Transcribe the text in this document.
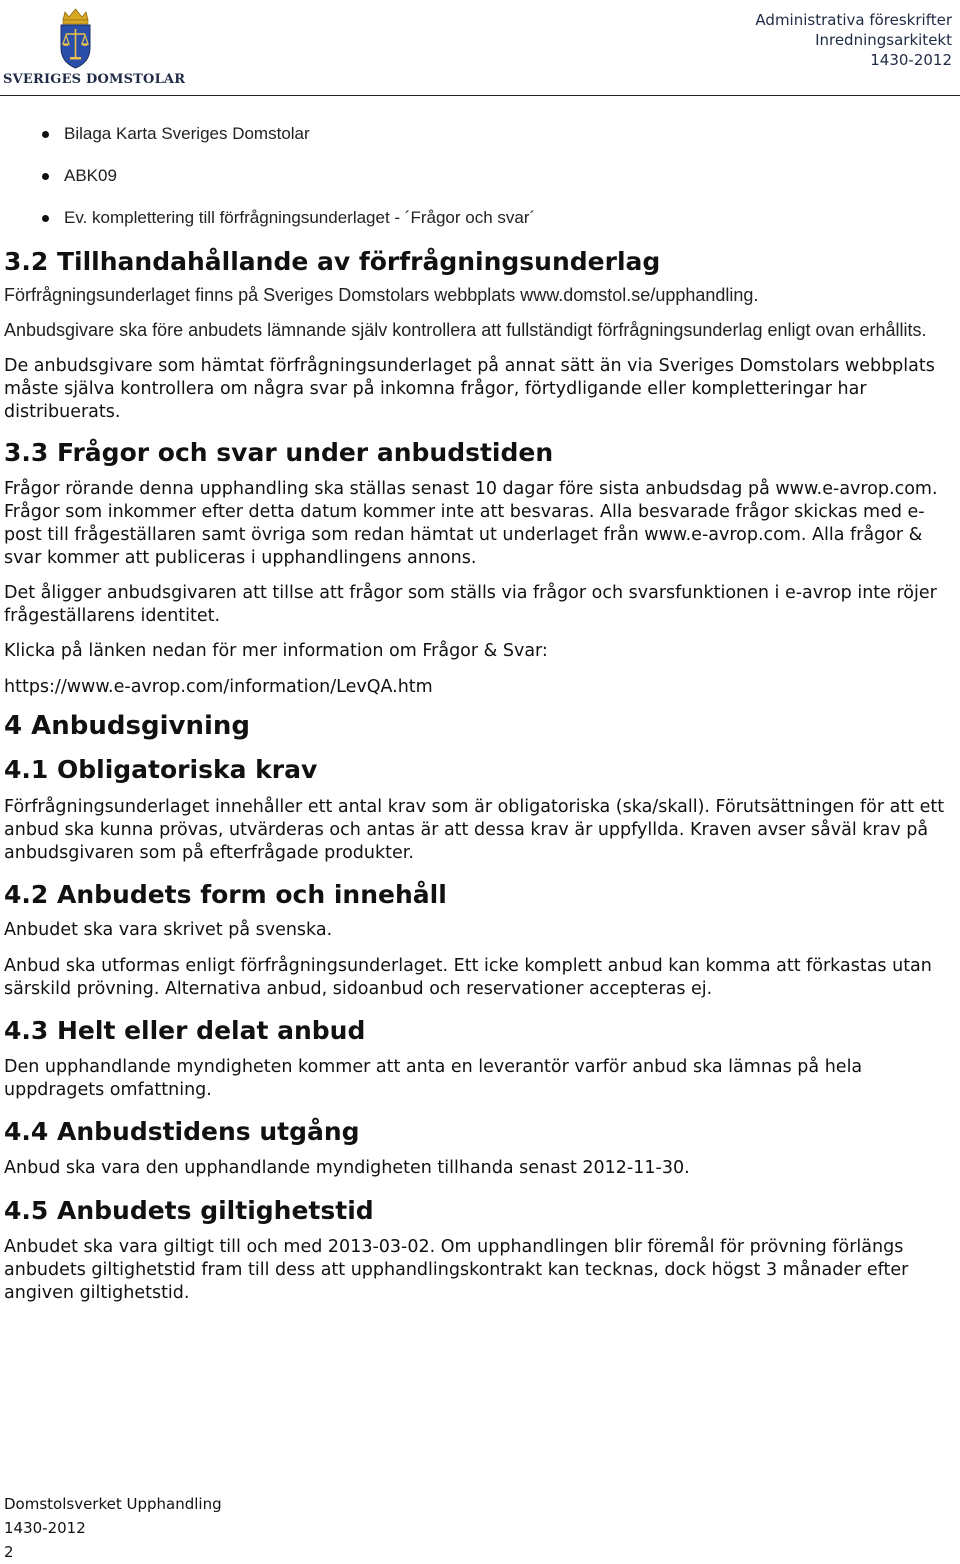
SVERIGES DOMSTOLAR
Administrativa föreskrifter
Inredningsarkitekt
1430-2012
Bilaga Karta Sveriges Domstolar
ABK09
Ev. komplettering till förfrågningsunderlaget - ´Frågor och svar´
3.2 Tillhandahållande av förfrågningsunderlag

Förfrågningsunderlaget finns på Sveriges Domstolars webbplats www.domstol.se/upphandling.

Anbudsgivare ska före anbudets lämnande själv kontrollera att fullständigt förfrågningsunderlag enligt ovan erhållits.

De anbudsgivare som hämtat förfrågningsunderlaget på annat sätt än via Sveriges Domstolars webbplats måste själva kontrollera om några svar på inkomna frågor, förtydligande eller kompletteringar har distribuerats.

3.3 Frågor och svar under anbudstiden

Frågor rörande denna upphandling ska ställas senast 10 dagar före sista anbudsdag på www.e-avrop.com. Frågor som inkommer efter detta datum kommer inte att besvaras. Alla besvarade frågor skickas med e-post till frågeställaren samt övriga som redan hämtat ut underlaget från www.e-avrop.com. Alla frågor & svar kommer att publiceras i upphandlingens annons.

Det åligger anbudsgivaren att tillse att frågor som ställs via frågor och svarsfunktionen i e-avrop inte röjer frågeställarens identitet.

Klicka på länken nedan för mer information om Frågor & Svar:

https://www.e-avrop.com/information/LevQA.htm

4 Anbudsgivning
4.1 Obligatoriska krav

Förfrågningsunderlaget innehåller ett antal krav som är obligatoriska (ska/skall). Förutsättningen för att ett anbud ska kunna prövas, utvärderas och antas är att dessa krav är uppfyllda. Kraven avser såväl krav på anbudsgivaren som på efterfrågade produkter.

4.2 Anbudets form och innehåll

Anbudet ska vara skrivet på svenska.

Anbud ska utformas enligt förfrågningsunderlaget. Ett icke komplett anbud kan komma att förkastas utan särskild prövning. Alternativa anbud, sidoanbud och reservationer accepteras ej.

4.3 Helt eller delat anbud

Den upphandlande myndigheten kommer att anta en leverantör varför anbud ska lämnas på hela uppdragets omfattning.

4.4 Anbudstidens utgång

Anbud ska vara den upphandlande myndigheten tillhanda senast 2012-11-30.

4.5 Anbudets giltighetstid

Anbudet ska vara giltigt till och med 2013-03-02. Om upphandlingen blir föremål för prövning förlängs anbudets giltighetstid fram till dess att upphandlingskontrakt kan tecknas, dock högst 3 månader efter angiven giltighetstid.

Domstolsverket Upphandling
1430-2012
2
